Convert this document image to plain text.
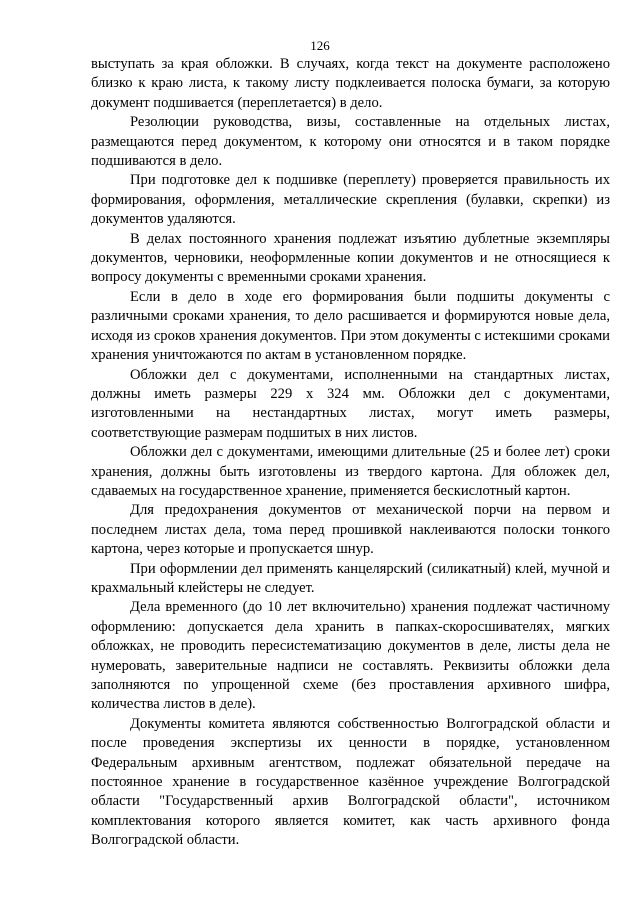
126

выступать за края обложки. В случаях, когда текст на документе расположено близко к краю листа, к такому листу подклеивается полоска бумаги, за которую документ подшивается (переплетается) в дело.

Резолюции руководства, визы, составленные на отдельных листах, размещаются перед документом, к которому они относятся и в таком порядке подшиваются в дело.

При подготовке дел к подшивке (переплету) проверяется правильность их формирования, оформления, металлические скрепления (булавки, скрепки) из документов удаляются.

В делах постоянного хранения подлежат изъятию дублетные экземпляры документов, черновики, неоформленные копии документов и не относящиеся к вопросу документы с временными сроками хранения.

Если в дело в ходе его формирования были подшиты документы с различными сроками хранения, то дело расшивается и формируются новые дела, исходя из сроков хранения документов. При этом документы с истекшими сроками хранения уничтожаются по актам в установленном порядке.

Обложки дел с документами, исполненными на стандартных листах, должны иметь размеры 229 х 324 мм. Обложки дел с документами, изготовленными на нестандартных листах, могут иметь размеры, соответствующие размерам подшитых в них листов.

Обложки дел с документами, имеющими длительные (25 и более лет) сроки хранения, должны быть изготовлены из твердого картона. Для обложек дел, сдаваемых на государственное хранение, применяется бескислотный картон.

Для предохранения документов от механической порчи на первом и последнем листах дела, тома перед прошивкой наклеиваются полоски тонкого картона, через которые и пропускается шнур.

При оформлении дел применять канцелярский (силикатный) клей, мучной и крахмальный клейстеры не следует.

Дела временного (до 10 лет включительно) хранения подлежат частичному оформлению: допускается дела хранить в папках-скоросшивателях, мягких обложках, не проводить пересистематизацию документов в деле, листы дела не нумеровать, заверительные надписи не составлять. Реквизиты обложки дела заполняются по упрощенной схеме (без проставления архивного шифра, количества листов в деле).

Документы комитета являются собственностью Волгоградской области и после проведения экспертизы их ценности в порядке, установленном Федеральным архивным агентством, подлежат обязательной передаче на постоянное хранение в государственное казённое учреждение Волгоградской области "Государственный архив Волгоградской области", источником комплектования которого является комитет, как часть архивного фонда Волгоградской области.
